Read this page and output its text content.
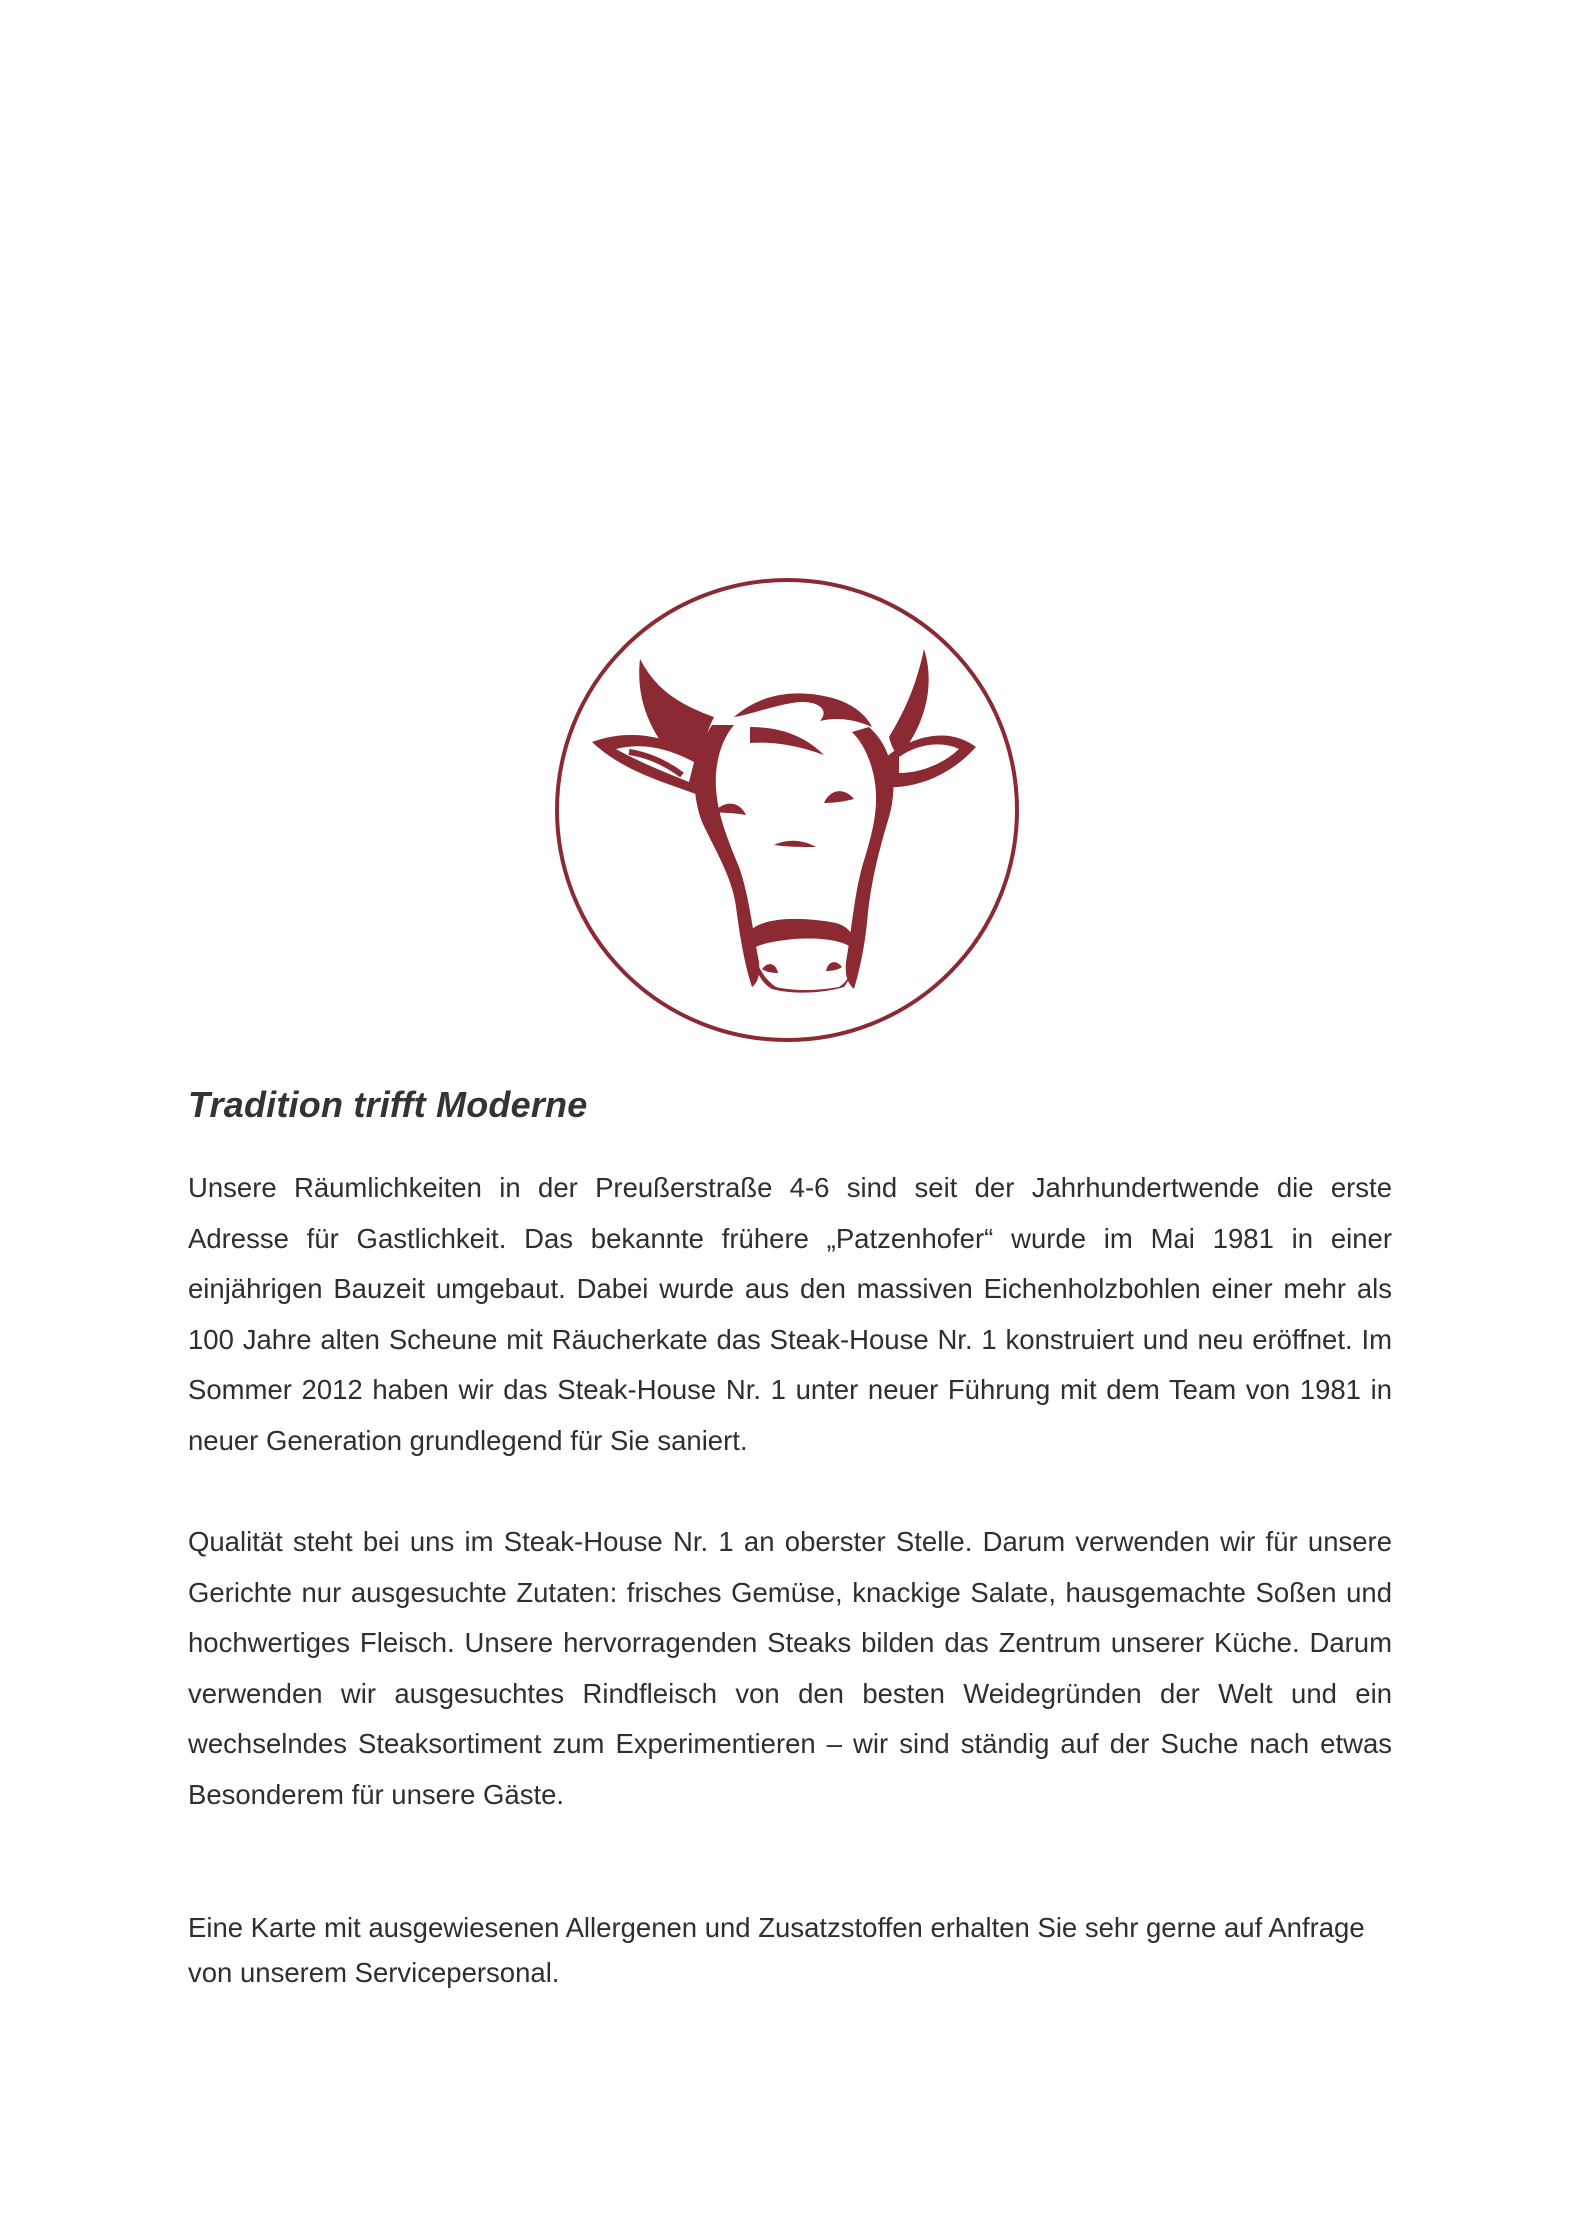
Tradition trifft Moderne

Unsere Räumlichkeiten in der Preußerstraße 4-6 sind seit der Jahrhundertwende die erste Adresse für Gastlichkeit. Das bekannte frühere „Patzenhofer“ wurde im Mai 1981 in einer einjährigen Bauzeit umgebaut. Dabei wurde aus den massiven Eichenholzbohlen einer mehr als 100 Jahre alten Scheune mit Räucherkate das Steak-House Nr. 1 konstruiert und neu eröffnet. Im Sommer 2012 haben wir das Steak-House Nr. 1 unter neuer Führung mit dem Team von 1981 in neuer Generation grundlegend für Sie saniert.

Qualität steht bei uns im Steak-House Nr. 1 an oberster Stelle. Darum verwenden wir für unsere Gerichte nur ausgesuchte Zutaten: frisches Gemüse, knackige Salate, hausgemachte Soßen und hochwertiges Fleisch. Unsere hervorragenden Steaks bilden das Zentrum unserer Küche. Darum verwenden wir ausgesuchtes Rindfleisch von den besten Weidegründen der Welt und ein wechselndes Steaksortiment zum Experimentieren – wir sind ständig auf der Suche nach etwas Besonderem für unsere Gäste.

Eine Karte mit ausgewiesenen Allergenen und Zusatzstoffen erhalten Sie sehr gerne auf Anfrage von unserem Servicepersonal.
